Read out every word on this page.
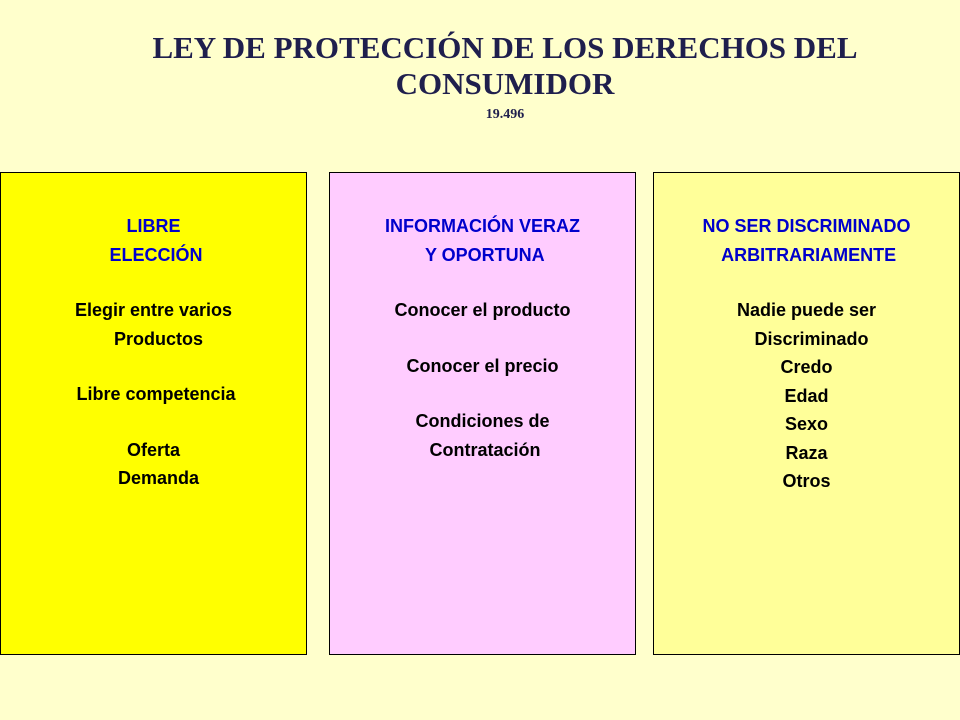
LEY DE PROTECCIÓN DE LOS DERECHOS DEL
CONSUMIDOR
19.496
LIBRE
ELECCIÓN
Elegir entre varios
Productos
Libre competencia
Oferta
Demanda
INFORMACIÓN VERAZ
Y OPORTUNA
Conocer el producto
Conocer el precio
Condiciones de
Contratación
NO SER DISCRIMINADO
ARBITRARIAMENTE
Nadie puede ser
Discriminado
Credo
Edad
Sexo
Raza
Otros
